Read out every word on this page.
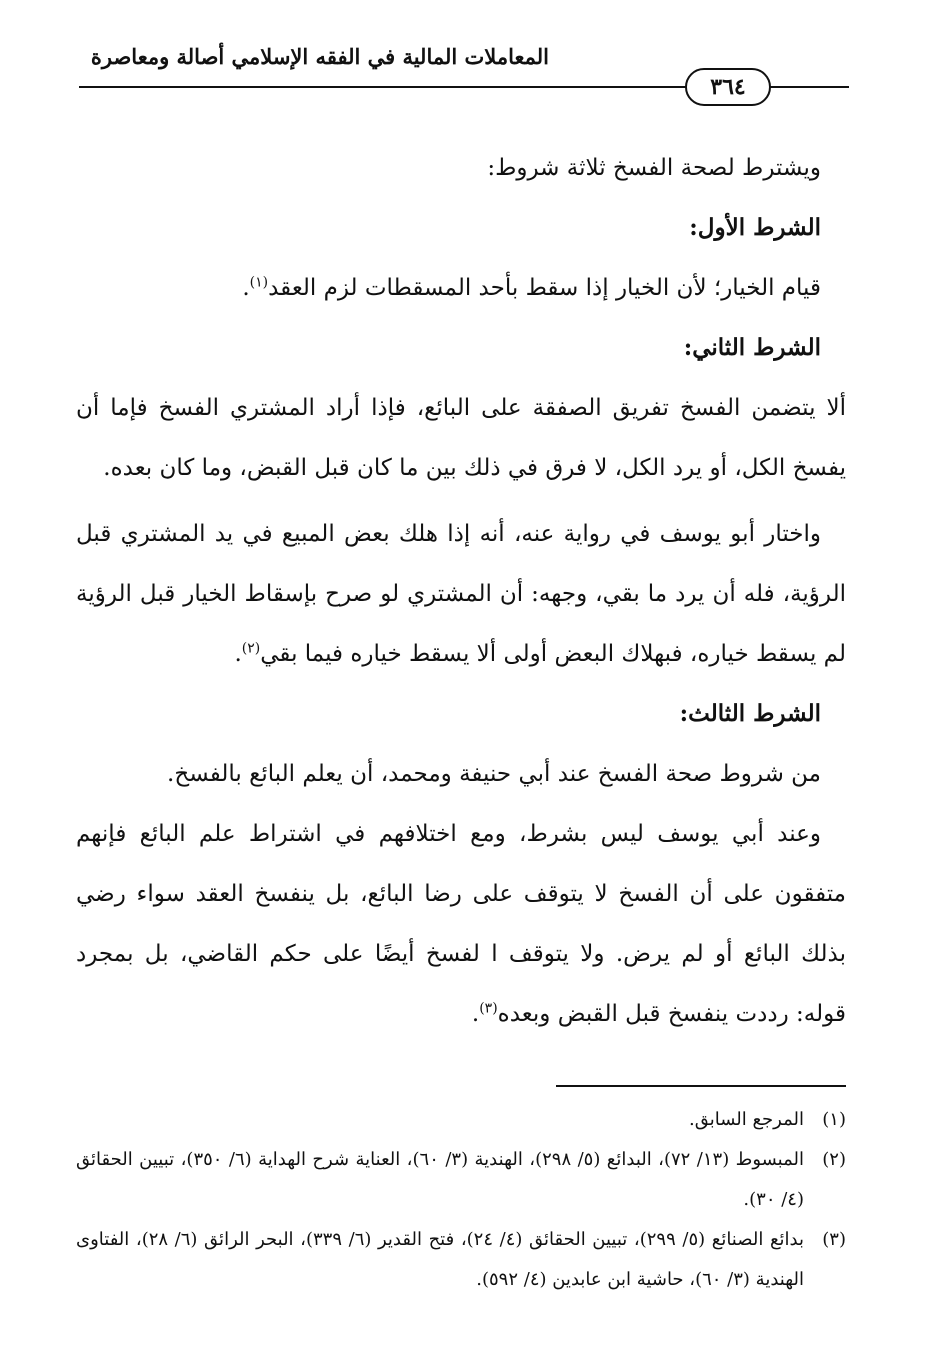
المعاملات المالية في الفقه الإسلامي أصالة ومعاصرة
٣٦٤

ويشترط لصحة الفسخ ثلاثة شروط:

الشرط الأول:

قيام الخيار؛ لأن الخيار إذا سقط بأحد المسقطات لزم العقد$^{(١)}$.

الشرط الثاني:

ألا يتضمن الفسخ تفريق الصفقة على البائع، فإذا أراد المشتري الفسخ فإما أن يفسخ الكل، أو يرد الكل، لا فرق في ذلك بين ما كان قبل القبض، وما كان بعده.

واختار أبو يوسف في رواية عنه، أنه إذا هلك بعض المبيع في يد المشتري قبل الرؤية، فله أن يرد ما بقي، وجهه: أن المشتري لو صرح بإسقاط الخيار قبل الرؤية لم يسقط خياره، فبهلاك البعض أولى ألا يسقط خياره فيما بقي$^{(٢)}$.

الشرط الثالث:

من شروط صحة الفسخ عند أبي حنيفة ومحمد، أن يعلم البائع بالفسخ.

وعند أبي يوسف ليس بشرط، ومع اختلافهم في اشتراط علم البائع فإنهم متفقون على أن الفسخ لا يتوقف على رضا البائع، بل ينفسخ العقد سواء رضي بذلك البائع أو لم يرض. ولا يتوقف ا لفسخ أيضًا على حكم القاضي، بل بمجرد قوله: رددت ينفسخ قبل القبض وبعده$^{(٣)}$.

(١)
المرجع السابق.
(٢)
المبسوط (١٣/ ٧٢)، البدائع (٥/ ٢٩٨)، الهندية (٣/ ٦٠)، العناية شرح الهداية (٦/ ٣٥٠)، تبيين الحقائق (٤/ ٣٠).
(٣)
بدائع الصنائع (٥/ ٢٩٩)، تبيين الحقائق (٤/ ٢٤)، فتح القدير (٦/ ٣٣٩)، البحر الرائق (٦/ ٢٨)، الفتاوى الهندية (٣/ ٦٠)، حاشية ابن عابدين (٤/ ٥٩٢).
